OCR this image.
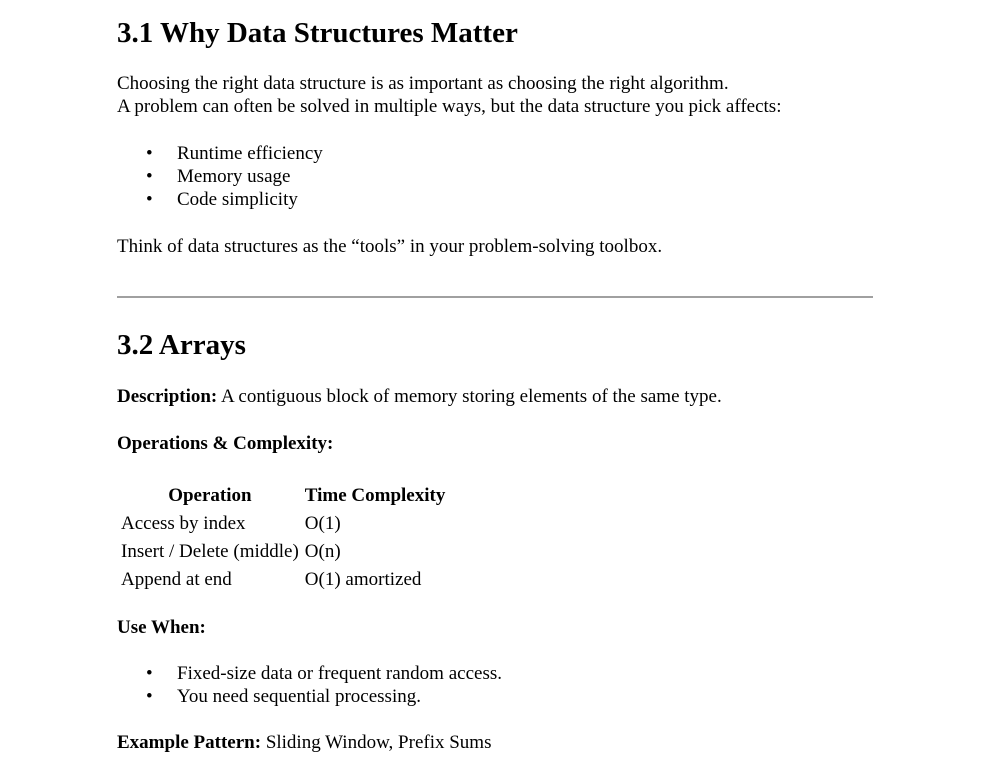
3.1 Why Data Structures Matter

Choosing the right data structure is as important as choosing the right algorithm.

A problem can often be solved in multiple ways, but the data structure you pick affects:

• Runtime efficiency
• Memory usage
• Code simplicity

Think of data structures as the “tools” in your problem-solving toolbox.

3.2 Arrays

Description: A contiguous block of memory storing elements of the same type.

Operations & Complexity:

Operation	Time Complexity
Access by index	O(1)
Insert / Delete (middle)	O(n)
Append at end	O(1) amortized

Use When:

• Fixed-size data or frequent random access.
• You need sequential processing.

Example Pattern: Sliding Window, Prefix Sums
